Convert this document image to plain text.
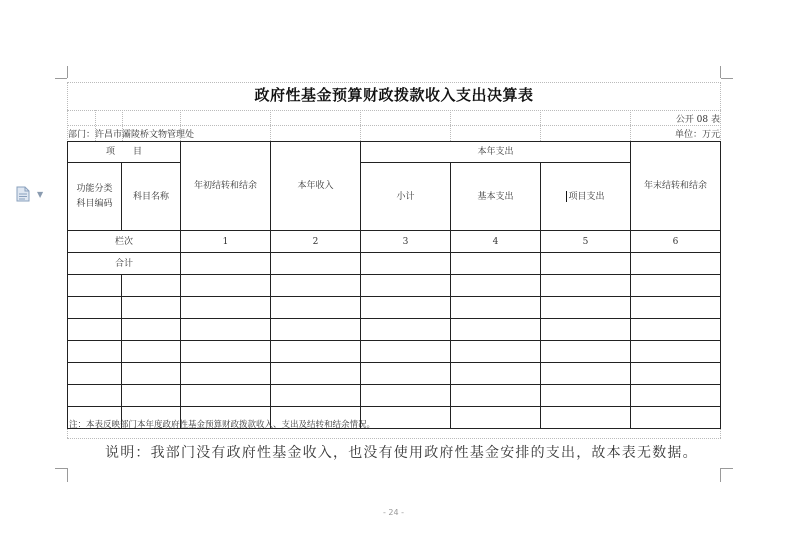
▼
政府性基金预算财政拨款收入支出决算表
公开 08 表
部门：许昌市灞陵桥文物管理处	单位：万元
项　　目		年初结转和结余	本年收入	本年支出			年末结转和结余
功能分类
科目编码	科目名称			小计	基本支出	项目支出	
栏次		1	2	3	4	5	6
合计							

注：本表反映部门本年度政府性基金预算财政拨款收入、支出及结转和结余情况。
说明：我部门没有政府性基金收入，也没有使用政府性基金安排的支出，故本表无数据。
- 24 -
